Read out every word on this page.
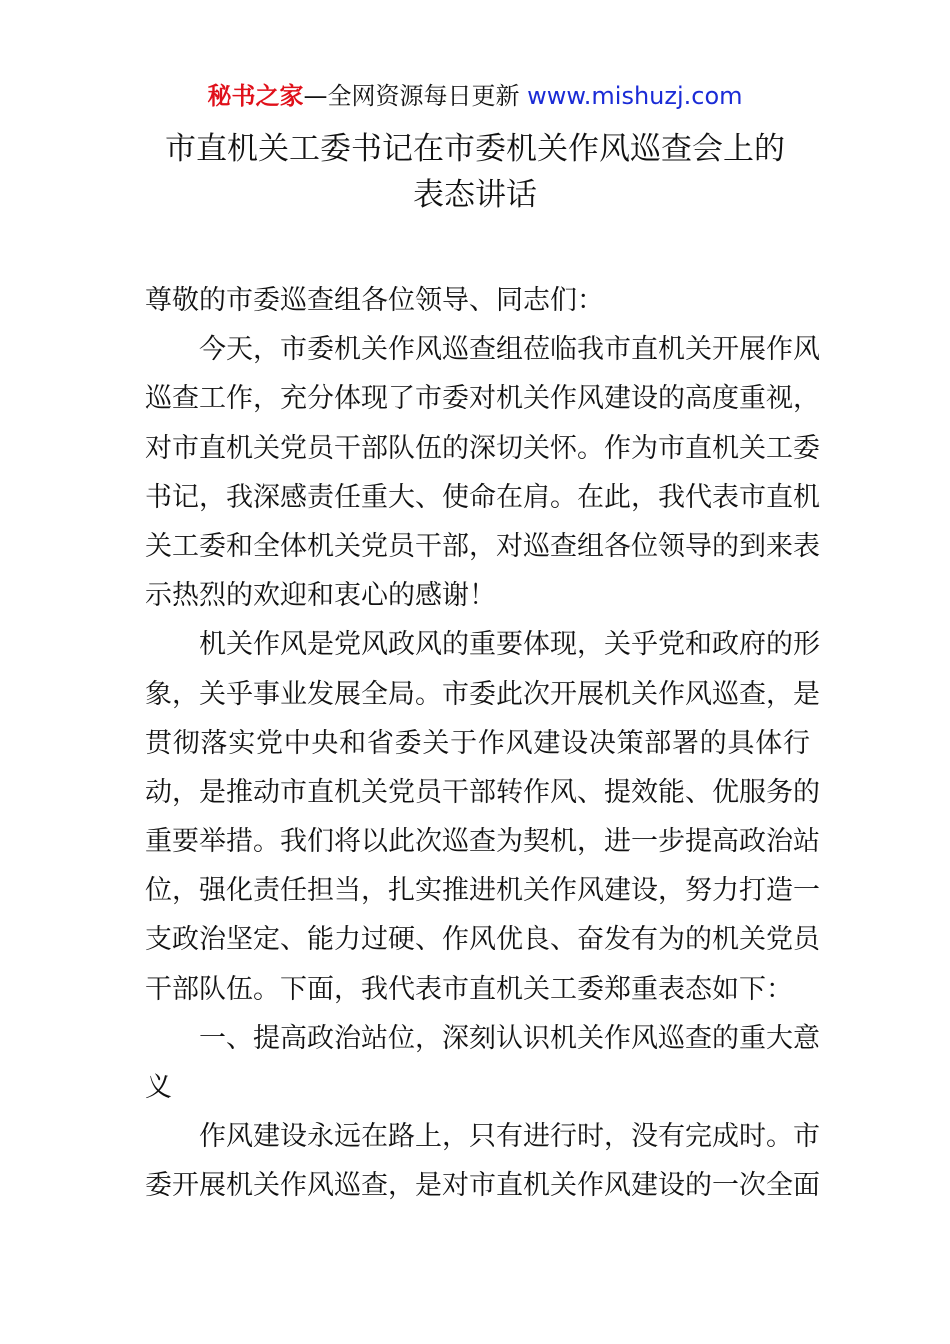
秘书之家—全网资源每日更新 www.mishuzj.com
市直机关工委书记在市委机关作风巡查会上的
表态讲话
尊敬的市委巡查组各位领导、同志们：
　　今天，市委机关作风巡查组莅临我市直机关开展作风
巡查工作，充分体现了市委对机关作风建设的高度重视，
对市直机关党员干部队伍的深切关怀。作为市直机关工委
书记，我深感责任重大、使命在肩。在此，我代表市直机
关工委和全体机关党员干部，对巡查组各位领导的到来表
示热烈的欢迎和衷心的感谢！
　　机关作风是党风政风的重要体现，关乎党和政府的形
象，关乎事业发展全局。市委此次开展机关作风巡查，是
贯彻落实党中央和省委关于作风建设决策部署的具体行
动，是推动市直机关党员干部转作风、提效能、优服务的
重要举措。我们将以此次巡查为契机，进一步提高政治站
位，强化责任担当，扎实推进机关作风建设，努力打造一
支政治坚定、能力过硬、作风优良、奋发有为的机关党员
干部队伍。下面，我代表市直机关工委郑重表态如下：
　　一、提高政治站位，深刻认识机关作风巡查的重大意
义
　　作风建设永远在路上，只有进行时，没有完成时。市
委开展机关作风巡查，是对市直机关作风建设的一次全面
